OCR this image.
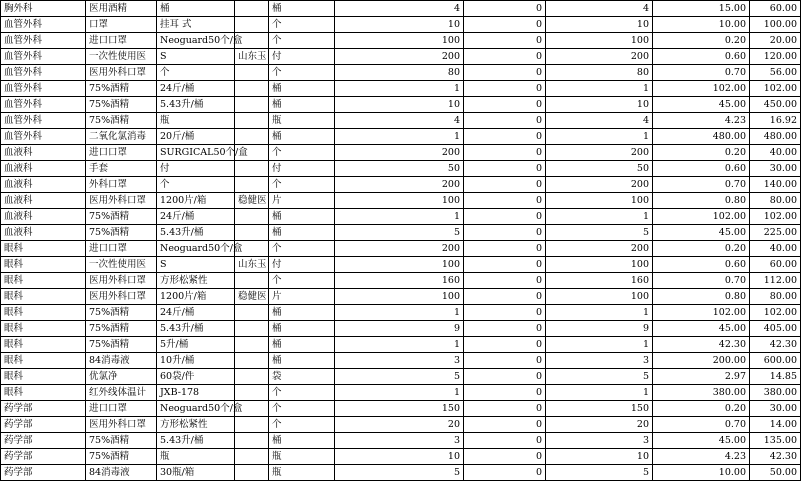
胸外科	医用酒精	桶		桶	4	0	4	15.00	60.00
血管外科	口罩	挂耳 式		个	10	0	10	10.00	100.00
血管外科	进口口罩	Neoguard50个/盒		个	100	0	100	0.20	20.00
血管外科	一次性使用医	S	山东玉	付	200	0	200	0.60	120.00
血管外科	医用外科口罩	个		个	80	0	80	0.70	56.00
血管外科	75%酒精	24斤/桶		桶	1	0	1	102.00	102.00
血管外科	75%酒精	5.43升/桶		桶	10	0	10	45.00	450.00
血管外科	75%酒精	瓶		瓶	4	0	4	4.23	16.92
血管外科	二氧化氯消毒	20斤/桶		桶	1	0	1	480.00	480.00
血液科	进口口罩	SURGICAL50个/盒		个	200	0	200	0.20	40.00
血液科	手套	付		付	50	0	50	0.60	30.00
血液科	外科口罩	个		个	200	0	200	0.70	140.00
血液科	医用外科口罩	1200片/箱	稳健医	片	100	0	100	0.80	80.00
血液科	75%酒精	24斤/桶		桶	1	0	1	102.00	102.00
血液科	75%酒精	5.43升/桶		桶	5	0	5	45.00	225.00
眼科	进口口罩	Neoguard50个/盒		个	200	0	200	0.20	40.00
眼科	一次性使用医	S	山东玉	付	100	0	100	0.60	60.00
眼科	医用外科口罩	方形松紧性		个	160	0	160	0.70	112.00
眼科	医用外科口罩	1200片/箱	稳健医	片	100	0	100	0.80	80.00
眼科	75%酒精	24斤/桶		桶	1	0	1	102.00	102.00
眼科	75%酒精	5.43升/桶		桶	9	0	9	45.00	405.00
眼科	75%酒精	5升/桶		桶	1	0	1	42.30	42.30
眼科	84消毒液	10升/桶		桶	3	0	3	200.00	600.00
眼科	优氯净	60袋/件		袋	5	0	5	2.97	14.85
眼科	红外线体温计	JXB-178		个	1	0	1	380.00	380.00
药学部	进口口罩	Neoguard50个/盒		个	150	0	150	0.20	30.00
药学部	医用外科口罩	方形松紧性		个	20	0	20	0.70	14.00
药学部	75%酒精	5.43升/桶		桶	3	0	3	45.00	135.00
药学部	75%酒精	瓶		瓶	10	0	10	4.23	42.30
药学部	84消毒液	30瓶/箱		瓶	5	0	5	10.00	50.00
